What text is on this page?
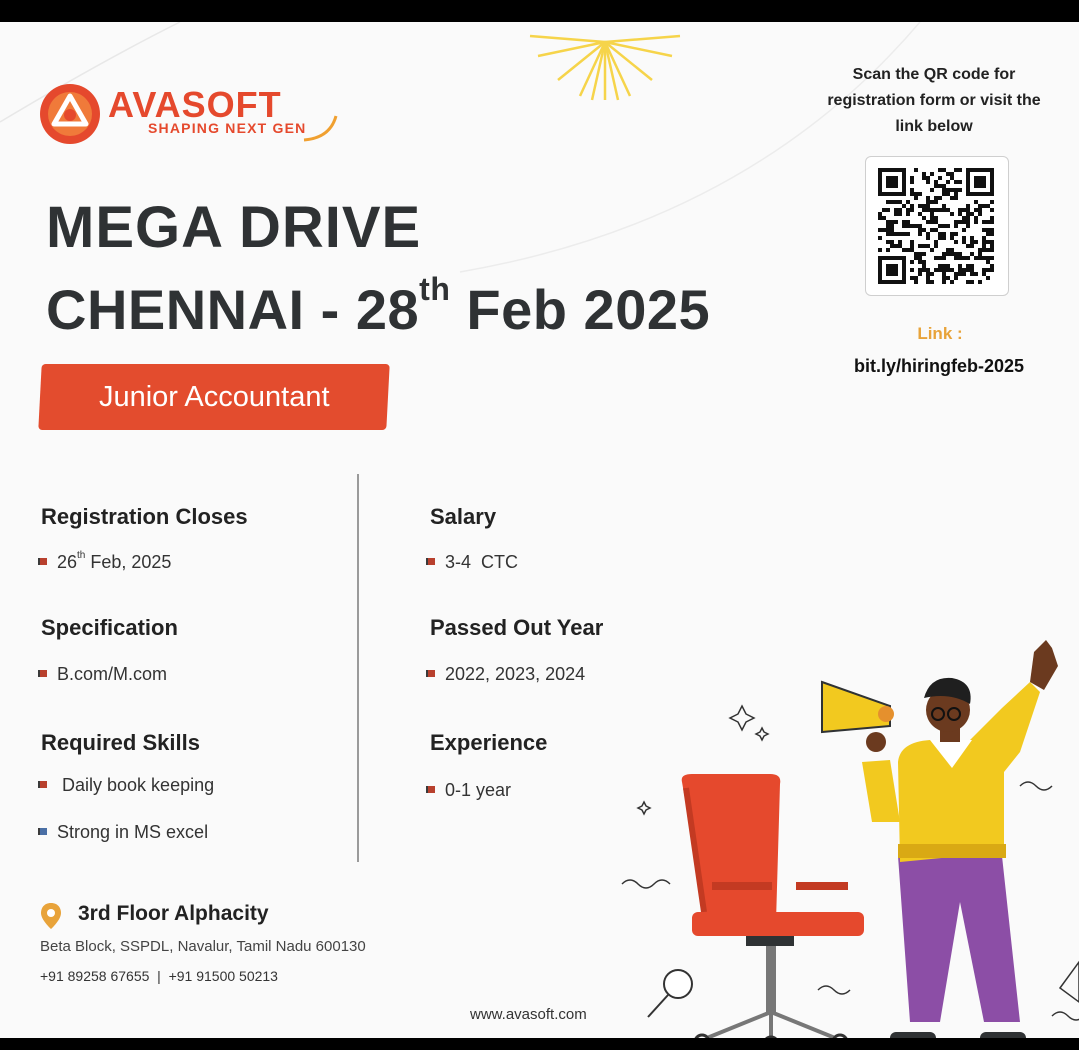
AVASOFT
SHAPING NEXT GEN
MEGA DRIVE
CHENNAI - 28th Feb 2025
Junior Accountant
Scan the QR code for registration form or visit the link below
Link :
bit.ly/hiringfeb-2025
Registration Closes
26th Feb, 2025
Specification
B.com/M.com
Required Skills
Daily book keeping
Strong in MS excel
Salary
3-4  CTC
Passed Out Year
2022, 2023, 2024
Experience
0-1 year
3rd Floor Alphacity
Beta Block, SSPDL, Navalur, Tamil Nadu 600130
+91 89258 67655  |  +91 91500 50213
www.avasoft.com
